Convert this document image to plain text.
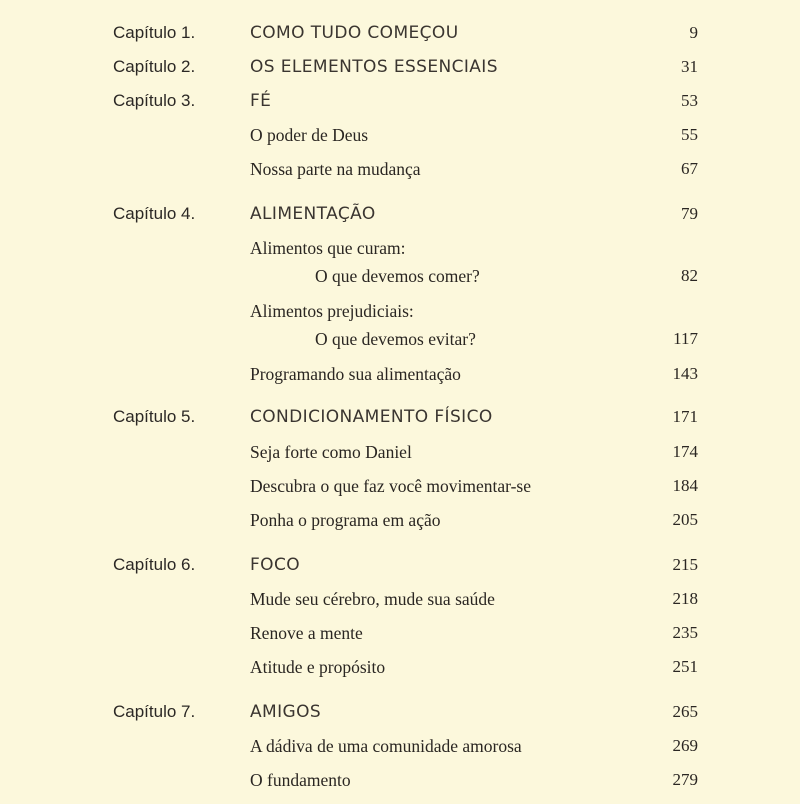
Capítulo 1.	COMO TUDO COMEÇOU	9
Capítulo 2.	OS ELEMENTOS ESSENCIAIS	31
Capítulo 3.	FÉ	53
O poder de Deus	55
Nossa parte na mudança	67
Capítulo 4.	ALIMENTAÇÃO	79
Alimentos que curam:
O que devemos comer?	82
Alimentos prejudiciais:
O que devemos evitar?	117
Programando sua alimentação	143
Capítulo 5.	CONDICIONAMENTO FÍSICO	171
Seja forte como Daniel	174
Descubra o que faz você movimentar-se	184
Ponha o programa em ação	205
Capítulo 6.	FOCO	215
Mude seu cérebro, mude sua saúde	218
Renove a mente	235
Atitude e propósito	251
Capítulo 7.	AMIGOS	265
A dádiva de uma comunidade amorosa	269
O fundamento	279
